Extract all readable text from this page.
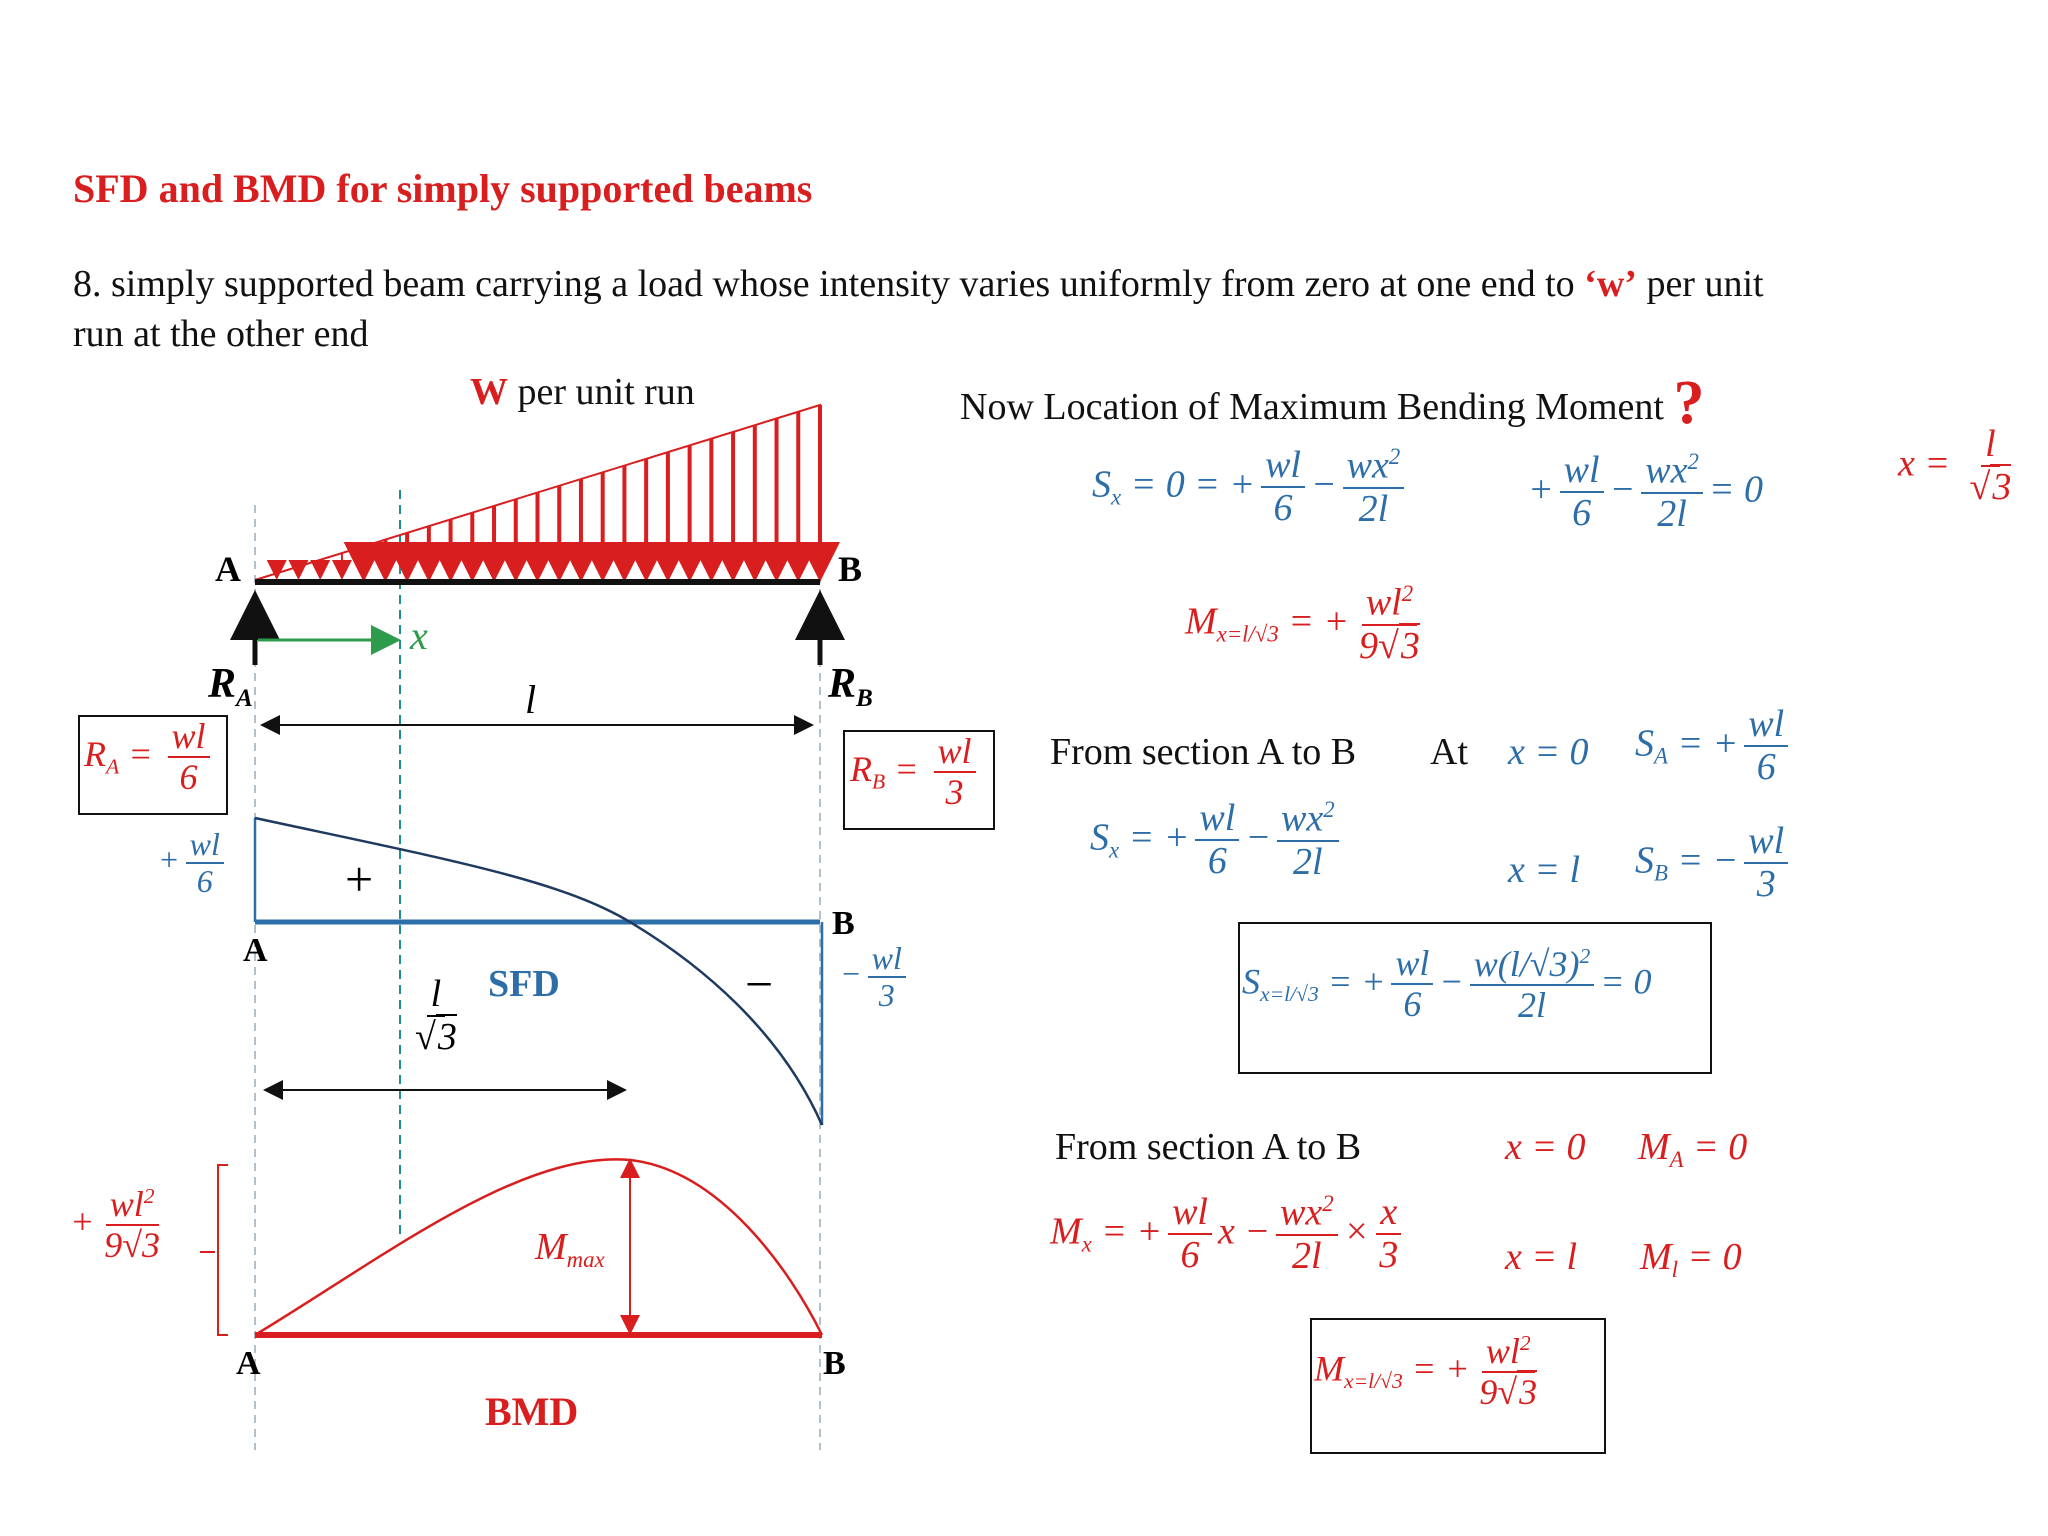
SFD and BMD for simply supported beams
8. simply supported beam carrying a load whose intensity varies uniformly from zero at one end to ‘w’ per unit
run at the other end
W per unit run
A	B
$R_A$	$R_B$
x
l
$R_A = \frac{wl}{6}$	$R_B = \frac{wl}{3}$
+ $\frac{wl}{6}$ +
− − $\frac{wl}{3}$
SFD
A
B
$\frac{l}{√3}$
+ $\frac{wl^2}{9√3}$	$M_{max}$
A	B
BMD
Now Location of Maximum Bending Moment ?
$S_x = 0$ = + $\frac{wl}{6} - \frac{wx^2}{2l}$	+ $\frac{wl}{6} - \frac{wx^2}{2l} = 0$
$x = \frac{l}{√3}$
$M_{x=l/√3}$ = + $\frac{wl^2}{9√3}$
From section A to B At x = 0 $S_A$ = + $\frac{wl}{6}$
$S_x$ = + $\frac{wl}{6} - \frac{wx^2}{2l}$	x = l $S_B$ = − $\frac{wl}{3}$
$S_{x=l/√3}$ = + $\frac{wl}{6} - \frac{w(l/√3)^2}{2l} = 0$
From section A to B	x = 0 $M_A = 0$
$M_x$ = + $\frac{wl}{6}$ $x - \frac{wx^2}{2l} \times \frac{x}{3}$	x = l $M_l = 0$
$M_{x=l/√3}$ = + $\frac{wl^2}{9√3}$
